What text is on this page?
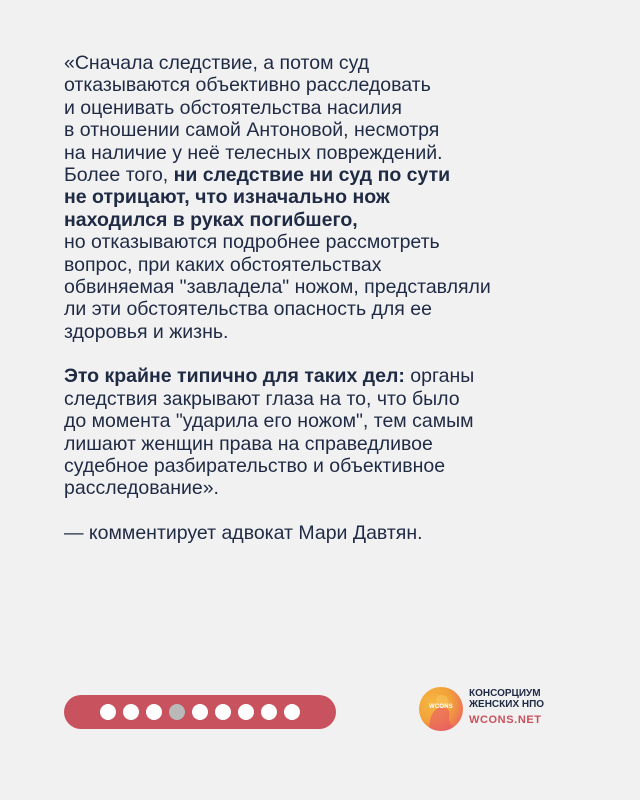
«Сначала следствие, а потом суд
отказываются объективно расследовать
и оценивать обстоятельства насилия
в отношении самой Антоновой, несмотря
на наличие у неё телесных повреждений.
Более того, ни следствие ни суд по сути
не отрицают, что изначально нож
находился в руках погибшего,
но отказываются подробнее рассмотреть
вопрос, при каких обстоятельствах
обвиняемая "завладела" ножом, представляли
ли эти обстоятельства опасность для ее
здоровья и жизнь.

Это крайне типично для таких дел: органы
следствия закрывают глаза на то, что было
до момента "ударила его ножом", тем самым
лишают женщин права на справедливое
судебное разбирательство и объективное
расследование».

— комментирует адвокат Мари Давтян.

WCONS
КОНСОРЦИУМ
ЖЕНСКИХ НПО
WCONS.NET
